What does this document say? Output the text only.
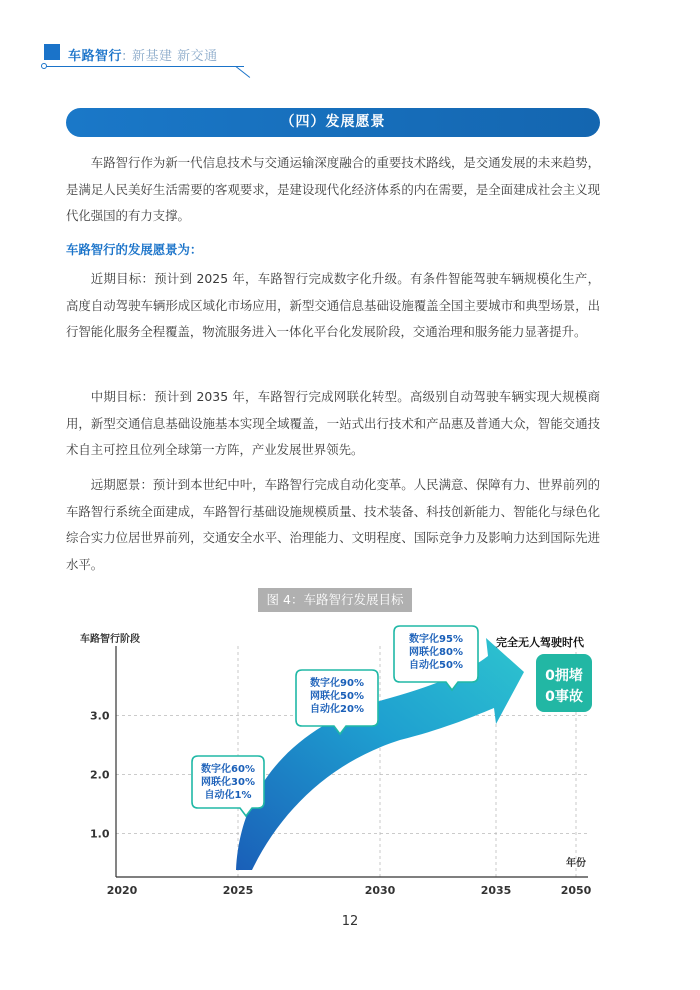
车路智行: 新基建 新交通
（四）发展愿景

车路智行作为新一代信息技术与交通运输深度融合的重要技术路线，是交通发展的未来趋势，是满足人民美好生活需要的客观要求，是建设现代化经济体系的内在需要，是全面建成社会主义现代化强国的有力支撑。

车路智行的发展愿景为：

近期目标：预计到 2025 年，车路智行完成数字化升级。有条件智能驾驶车辆规模化生产，高度自动驾驶车辆形成区域化市场应用，新型交通信息基础设施覆盖全国主要城市和典型场景，出行智能化服务全程覆盖，物流服务进入一体化平台化发展阶段，交通治理和服务能力显著提升。

中期目标：预计到 2035 年，车路智行完成网联化转型。高级别自动驾驶车辆实现大规模商用，新型交通信息基础设施基本实现全域覆盖，一站式出行技术和产品惠及普通大众，智能交通技术自主可控且位列全球第一方阵，产业发展世界领先。

远期愿景：预计到本世纪中叶，车路智行完成自动化变革。人民满意、保障有力、世界前列的车路智行系统全面建成，车路智行基础设施规模质量、技术装备、科技创新能力、智能化与绿色化综合实力位居世界前列，交通安全水平、治理能力、文明程度、国际竞争力及影响力达到国际先进水平。

图 4：车路智行发展目标
车路智行阶段
年份
1.0
2.0
3.0
2020	2025	2030	2035	2050
数字化60%
网联化30%
自动化1%
数字化90%
网联化50%
自动化20%
数字化95%
网联化80%
自动化50%
完全无人驾驶时代
0拥堵
0事故
12
